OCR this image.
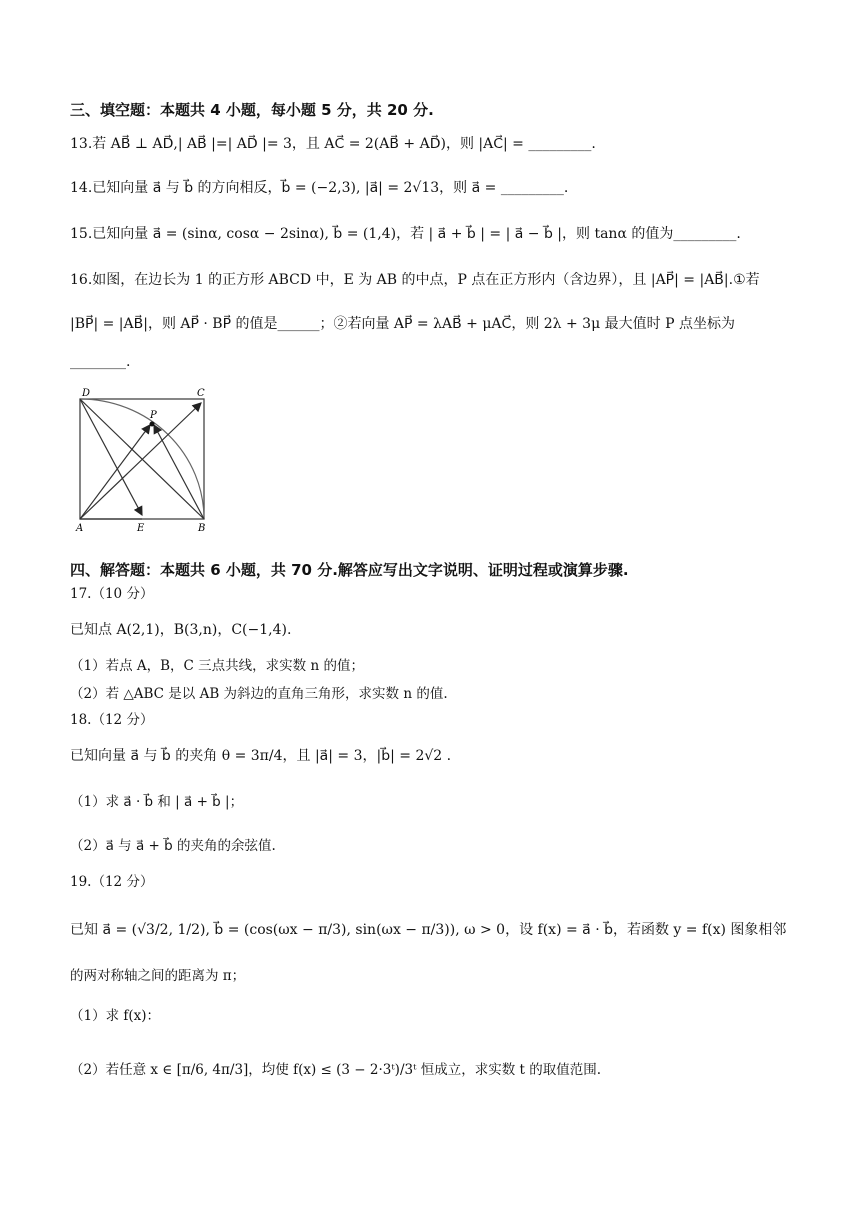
三、填空题：本题共 4 小题，每小题 5 分，共 20 分.
13.若 AB⃗ ⊥ AD⃗,| AB⃗ |=| AD⃗ |= 3，且 AC⃗ = 2(AB⃗ + AD⃗)，则 |AC⃗| = _________.
14.已知向量 a⃗ 与 b⃗ 的方向相反，b⃗ = (−2,3), |a⃗| = 2√13，则 a⃗ = _________.
15.已知向量 a⃗ = (sinα, cosα − 2sinα), b⃗ = (1,4)，若 | a⃗ + b⃗ | = | a⃗ − b⃗ |，则 tanα 的值为_________.
16.如图，在边长为 1 的正方形 ABCD 中，E 为 AB 的中点，P 点在正方形内（含边界），且 |AP⃗| = |AB⃗|.①若
|BP⃗| = |AB⃗|，则 AP⃗ · BP⃗ 的值是______；②若向量 AP⃗ = λAB⃗ + μAC⃗，则 2λ + 3μ 最大值时 P 点坐标为
________.
D	C
P
A	E	B
四、解答题：本题共 6 小题，共 70 分.解答应写出文字说明、证明过程或演算步骤.
17.（10 分）
已知点 A(2,1)，B(3,n)，C(−1,4).
（1）若点 A，B，C 三点共线，求实数 n 的值；
（2）若 △ABC 是以 AB 为斜边的直角三角形，求实数 n 的值.
18.（12 分）
已知向量 a⃗ 与 b⃗ 的夹角 θ = 3π/4，且 |a⃗| = 3，|b⃗| = 2√2 .
（1）求 a⃗ · b⃗ 和 | a⃗ + b⃗ |；
（2）a⃗ 与 a⃗ + b⃗ 的夹角的余弦值.
19.（12 分）
已知 a⃗ = (√3/2, 1/2), b⃗ = (cos(ωx − π/3), sin(ωx − π/3)), ω > 0，设 f(x) = a⃗ · b⃗，若函数 y = f(x) 图象相邻
的两对称轴之间的距离为 π；
（1）求 f(x)：
（2）若任意 x ∈ [π/6, 4π/3]，均使 f(x) ≤ (3 − 2·3ᵗ)/3ᵗ 恒成立，求实数 t 的取值范围.
